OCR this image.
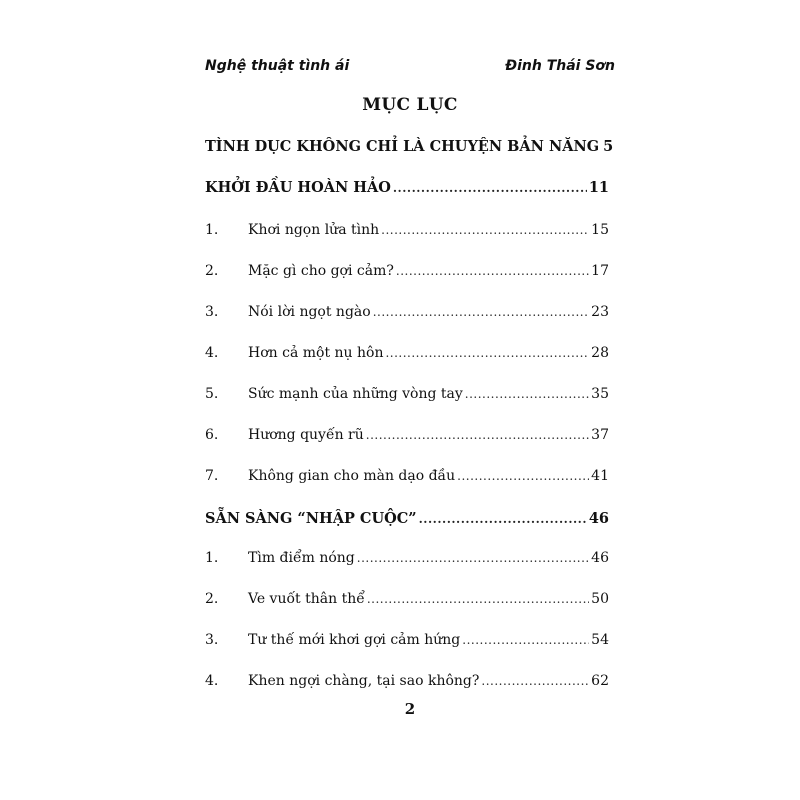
Nghệ thuật tình ái	Đinh Thái Sơn
MỤC LỤC
TÌNH DỤC KHÔNG CHỈ LÀ CHUYỆN BẢN NĂNG 5
KHỞI ĐẦU HOÀN HẢO .....	11
1.	Khơi ngọn lửa tình .....	15
2.	Mặc gì cho gợi cảm? .....	17
3.	Nói lời ngọt ngào .....	23
4.	Hơn cả một nụ hôn .....	28
5.	Sức mạnh của những vòng tay .....	35
6.	Hương quyến rũ .....	37
7.	Không gian cho màn dạo đầu .....	41
SẴN SÀNG “NHẬP CUỘC” .....	46
1.	Tìm điểm nóng .....	46
2.	Ve vuốt thân thể .....	50
3.	Tư thế mới khơi gợi cảm hứng .....	54
4.	Khen ngợi chàng, tại sao không? .....	62
2
